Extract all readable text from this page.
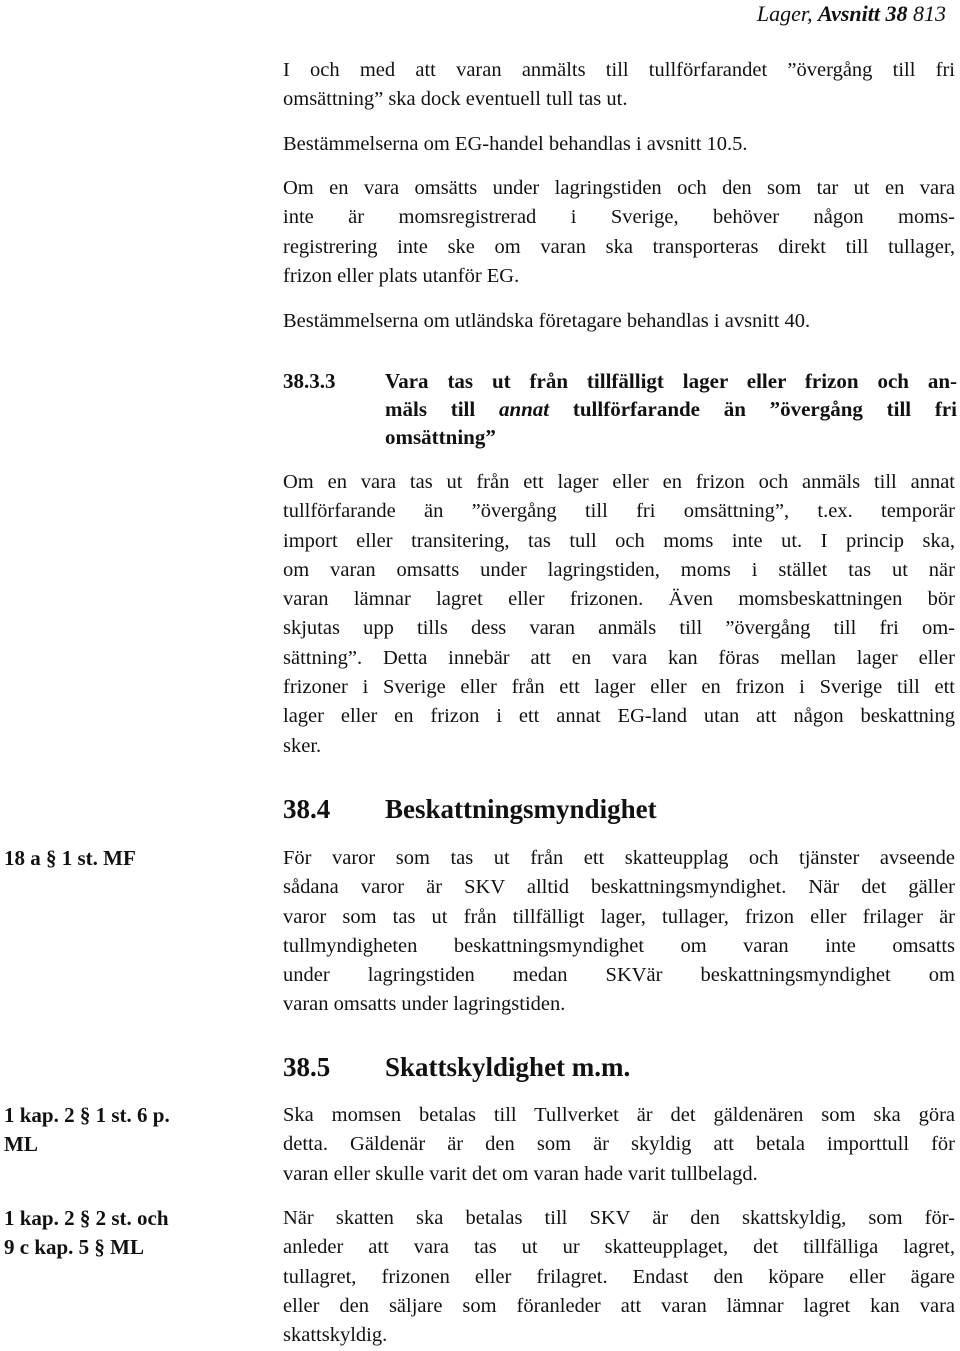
Lager, Avsnitt 38 813
I och med att varan anmälts till tullförfarandet ”övergång till fri
omsättning” ska dock eventuell tull tas ut.
Bestämmelserna om EG-handel behandlas i avsnitt 10.5.
Om en vara omsätts under lagringstiden och den som tar ut en vara
inte är momsregistrerad i Sverige, behöver någon moms-
registrering inte ske om varan ska transporteras direkt till tullager,
frizon eller plats utanför EG.
Bestämmelserna om utländska företagare behandlas i avsnitt 40.
38.3.3 Vara tas ut från tillfälligt lager eller frizon och an-
mäls till annat tullförfarande än ”övergång till fri
omsättning”
Om en vara tas ut från ett lager eller en frizon och anmäls till annat
tullförfarande än ”övergång till fri omsättning”, t.ex. temporär
import eller transitering, tas tull och moms inte ut. I princip ska,
om varan omsatts under lagringstiden, moms i stället tas ut när
varan lämnar lagret eller frizonen. Även momsbeskattningen bör
skjutas upp tills dess varan anmäls till ”övergång till fri om-
sättning”. Detta innebär att en vara kan föras mellan lager eller
frizoner i Sverige eller från ett lager eller en frizon i Sverige till ett
lager eller en frizon i ett annat EG-land utan att någon beskattning
sker.
38.4 Beskattningsmyndighet
18 a § 1 st. MF	För varor som tas ut från ett skatteupplag och tjänster avseende
sådana varor är SKV alltid beskattningsmyndighet. När det gäller
varor som tas ut från tillfälligt lager, tullager, frizon eller frilager är
tullmyndigheten beskattningsmyndighet om varan inte omsatts
under lagringstiden medan SKVär beskattningsmyndighet om
varan omsatts under lagringstiden.
38.5 Skattskyldighet m.m.
1 kap. 2 § 1 st. 6 p.
ML
Ska momsen betalas till Tullverket är det gäldenären som ska göra
detta. Gäldenär är den som är skyldig att betala importtull för
varan eller skulle varit det om varan hade varit tullbelagd.
1 kap. 2 § 2 st. och
9 c kap. 5 § ML
När skatten ska betalas till SKV är den skattskyldig, som för-
anleder att vara tas ut ur skatteupplaget, det tillfälliga lagret,
tullagret, frizonen eller frilagret. Endast den köpare eller ägare
eller den säljare som föranleder att varan lämnar lagret kan vara
skattskyldig.
